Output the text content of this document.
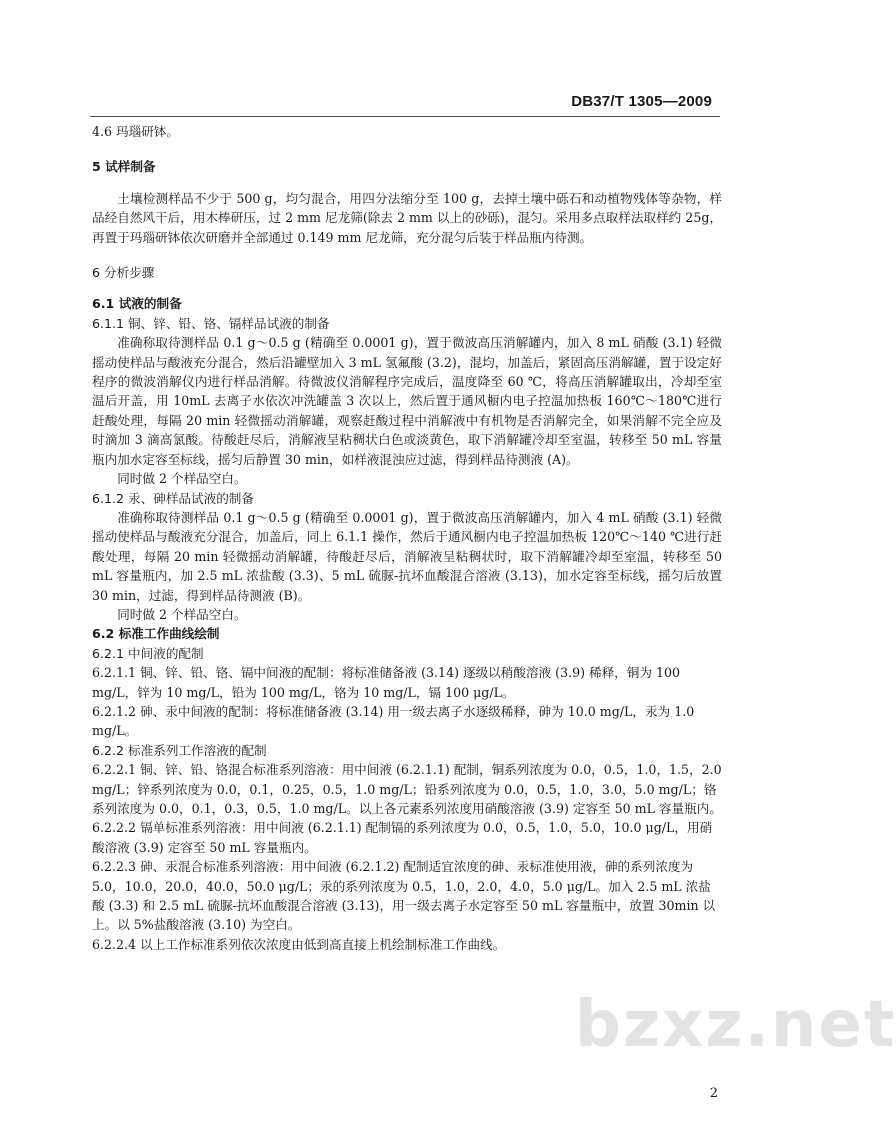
DB37/T 1305—2009

4.6 玛瑙研钵。

5 试样制备

土壤检测样品不少于 500 g，均匀混合，用四分法缩分至 100 g，去掉土壤中砾石和动植物残体等杂物，样品经自然风干后，用木棒研压，过 2 mm 尼龙筛(除去 2 mm 以上的砂砾)，混匀。采用多点取样法取样约 25g，再置于玛瑙研钵依次研磨并全部通过 0.149 mm 尼龙筛，充分混匀后装于样品瓶内待测。

6 分析步骤

6.1 试液的制备

6.1.1 铜、锌、铅、铬、镉样品试液的制备

准确称取待测样品 0.1 g～0.5 g (精确至 0.0001 g)，置于微波高压消解罐内，加入 8 mL 硝酸 (3.1) 轻微摇动使样品与酸液充分混合，然后沿罐壁加入 3 mL 氢氟酸 (3.2)，混均，加盖后，紧固高压消解罐，置于设定好程序的微波消解仪内进行样品消解。待微波仪消解程序完成后，温度降至 60 ℃，将高压消解罐取出，冷却至室温后开盖，用 10mL 去离子水依次冲洗罐盖 3 次以上，然后置于通风橱内电子控温加热板 160℃～180℃进行赶酸处理，每隔 20 min 轻微摇动消解罐，观察赶酸过程中消解液中有机物是否消解完全，如果消解不完全应及时滴加 3 滴高氯酸。待酸赶尽后，消解液呈粘稠状白色或淡黄色，取下消解罐冷却至室温，转移至 50 mL 容量瓶内加水定容至标线，摇匀后静置 30 min，如样液混浊应过滤，得到样品待测液 (A)。

同时做 2 个样品空白。

6.1.2 汞、砷样品试液的制备

准确称取待测样品 0.1 g～0.5 g (精确至 0.0001 g)，置于微波高压消解罐内，加入 4 mL 硝酸 (3.1) 轻微摇动使样品与酸液充分混合，加盖后，同上 6.1.1 操作，然后于通风橱内电子控温加热板 120℃～140 ℃进行赶酸处理，每隔 20 min 轻微摇动消解罐，待酸赶尽后，消解液呈粘稠状时，取下消解罐冷却至室温，转移至 50 mL 容量瓶内，加 2.5 mL 浓盐酸 (3.3)、5 mL 硫脲-抗坏血酸混合溶液 (3.13)，加水定容至标线，摇匀后放置 30 min，过滤，得到样品待测液 (B)。

同时做 2 个样品空白。

6.2 标准工作曲线绘制

6.2.1 中间液的配制

6.2.1.1 铜、锌、铅、铬、镉中间液的配制：将标准储备液 (3.14) 逐级以稍酸溶液 (3.9) 稀释，铜为 100 mg/L，锌为 10 mg/L，铅为 100 mg/L，铬为 10 mg/L，镉 100 μg/L。

6.2.1.2 砷、汞中间液的配制：将标准储备液 (3.14) 用一级去离子水逐级稀释，砷为 10.0 mg/L，汞为 1.0 mg/L。

6.2.2 标准系列工作溶液的配制

6.2.2.1 铜、锌、铅、铬混合标准系列溶液：用中间液 (6.2.1.1) 配制，铜系列浓度为 0.0，0.5，1.0，1.5，2.0 mg/L；锌系列浓度为 0.0，0.1，0.25，0.5，1.0 mg/L；铅系列浓度为 0.0，0.5，1.0，3.0，5.0 mg/L；铬系列浓度为 0.0，0.1，0.3，0.5，1.0 mg/L。以上各元素系列浓度用硝酸溶液 (3.9) 定容至 50 mL 容量瓶内。

6.2.2.2 镉单标准系列溶液：用中间液 (6.2.1.1) 配制镉的系列浓度为 0.0，0.5，1.0，5.0，10.0 μg/L，用硝酸溶液 (3.9) 定容至 50 mL 容量瓶内。

6.2.2.3 砷、汞混合标准系列溶液：用中间液 (6.2.1.2) 配制适宜浓度的砷、汞标准使用液，砷的系列浓度为 5.0，10.0，20.0，40.0，50.0 μg/L；汞的系列浓度为 0.5，1.0，2.0，4.0，5.0 μg/L。加入 2.5 mL 浓盐酸 (3.3) 和 2.5 mL 硫脲-抗坏血酸混合溶液 (3.13)，用一级去离子水定容至 50 mL 容量瓶中，放置 30min 以上。以 5%盐酸溶液 (3.10) 为空白。

6.2.2.4 以上工作标准系列依次浓度由低到高直接上机绘制标准工作曲线。

bzxz.net
2
